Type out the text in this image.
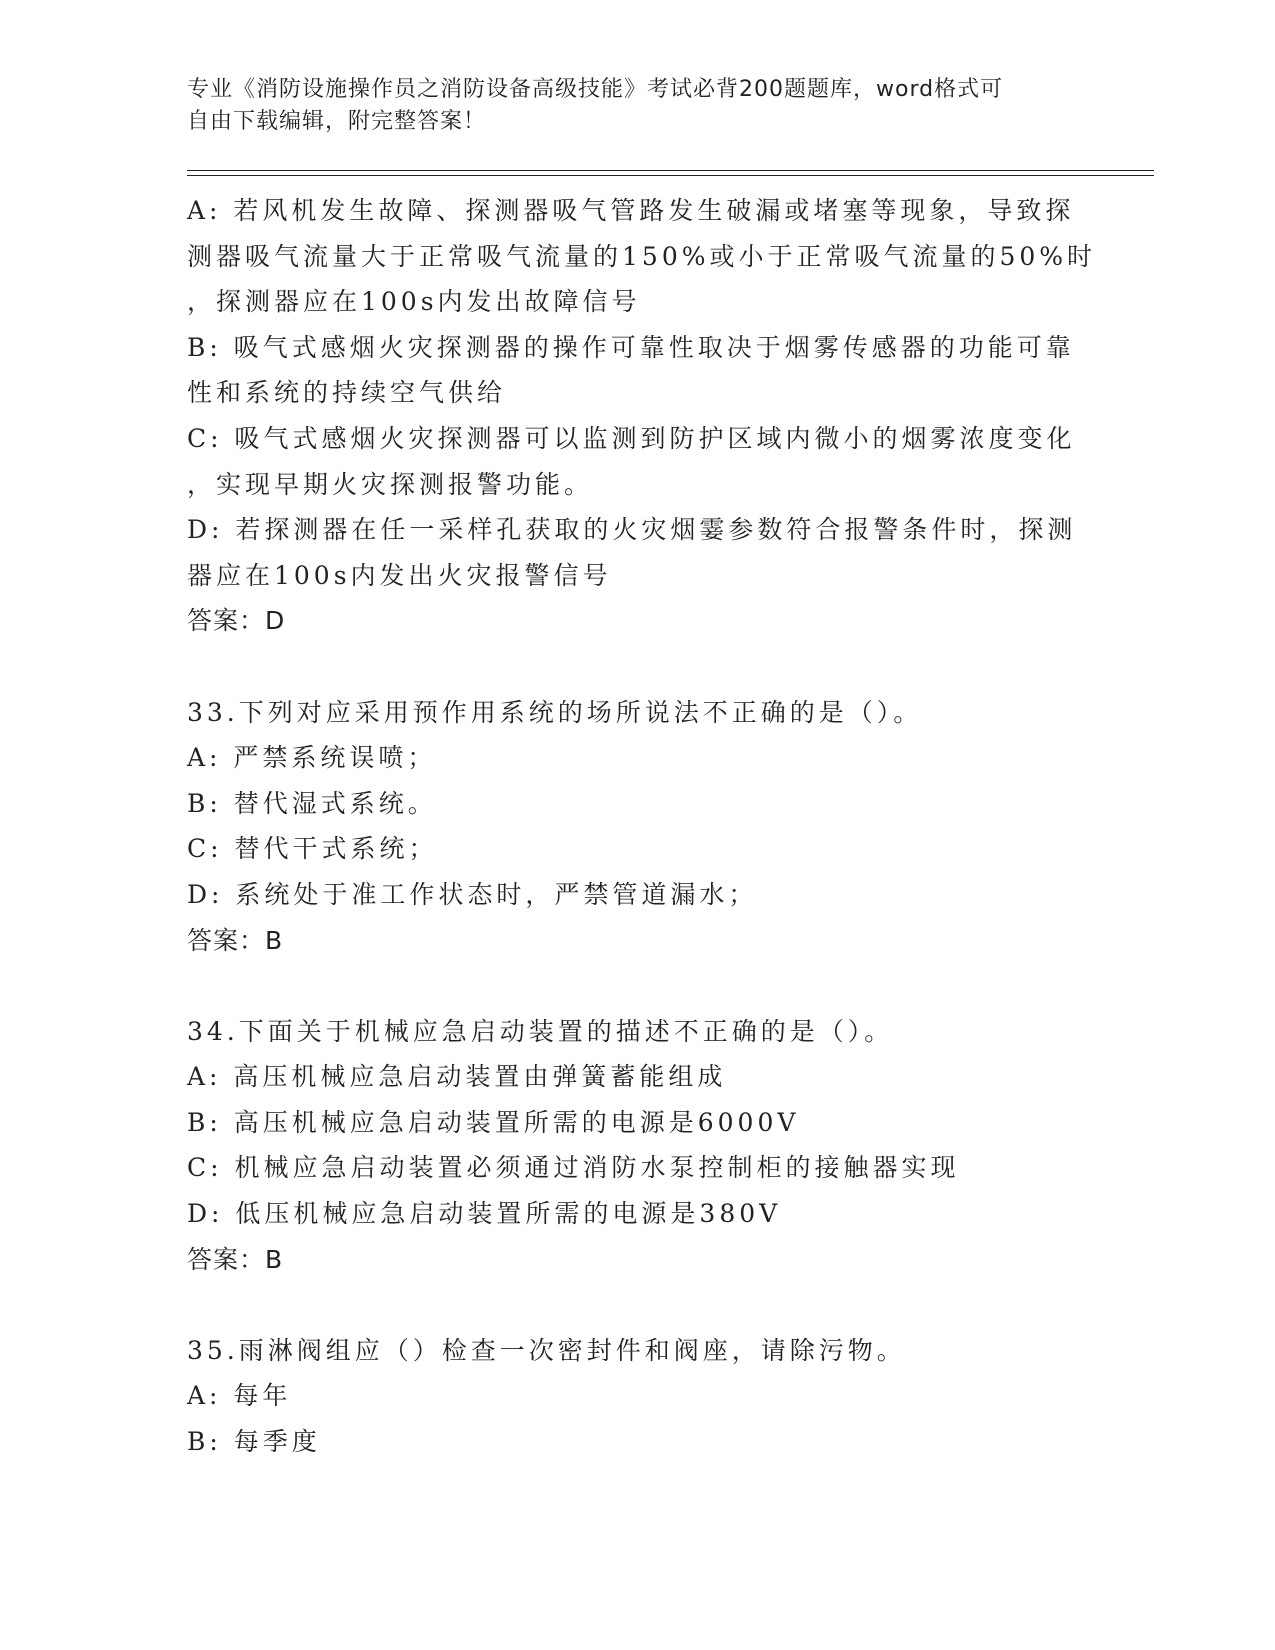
专业《消防设施操作员之消防设备高级技能》考试必背200题题库，word格式可
自由下载编辑，附完整答案！
A: 若风机发生故障、探测器吸气管路发生破漏或堵塞等现象，导致探
测器吸气流量大于正常吸气流量的150%或小于正常吸气流量的50%时
，探测器应在100s内发出故障信号
B: 吸气式感烟火灾探测器的操作可靠性取决于烟雾传感器的功能可靠
性和系统的持续空气供给
C: 吸气式感烟火灾探测器可以监测到防护区域内微小的烟雾浓度变化
，实现早期火灾探测报警功能。
D: 若探测器在任一采样孔获取的火灾烟霎参数符合报警条件时，探测
器应在100s内发出火灾报警信号
答案：D
33.下列对应采用预作用系统的场所说法不正确的是（）。
A: 严禁系统误喷；
B: 替代湿式系统。
C: 替代干式系统；
D: 系统处于准工作状态时，严禁管道漏水；
答案：B
34.下面关于机械应急启动装置的描述不正确的是（）。
A: 高压机械应急启动装置由弹簧蓄能组成
B: 高压机械应急启动装置所需的电源是6000V
C: 机械应急启动装置必须通过消防水泵控制柜的接触器实现
D: 低压机械应急启动装置所需的电源是380V
答案：B
35.雨淋阀组应（）检查一次密封件和阀座，请除污物。
A: 每年
B: 每季度
